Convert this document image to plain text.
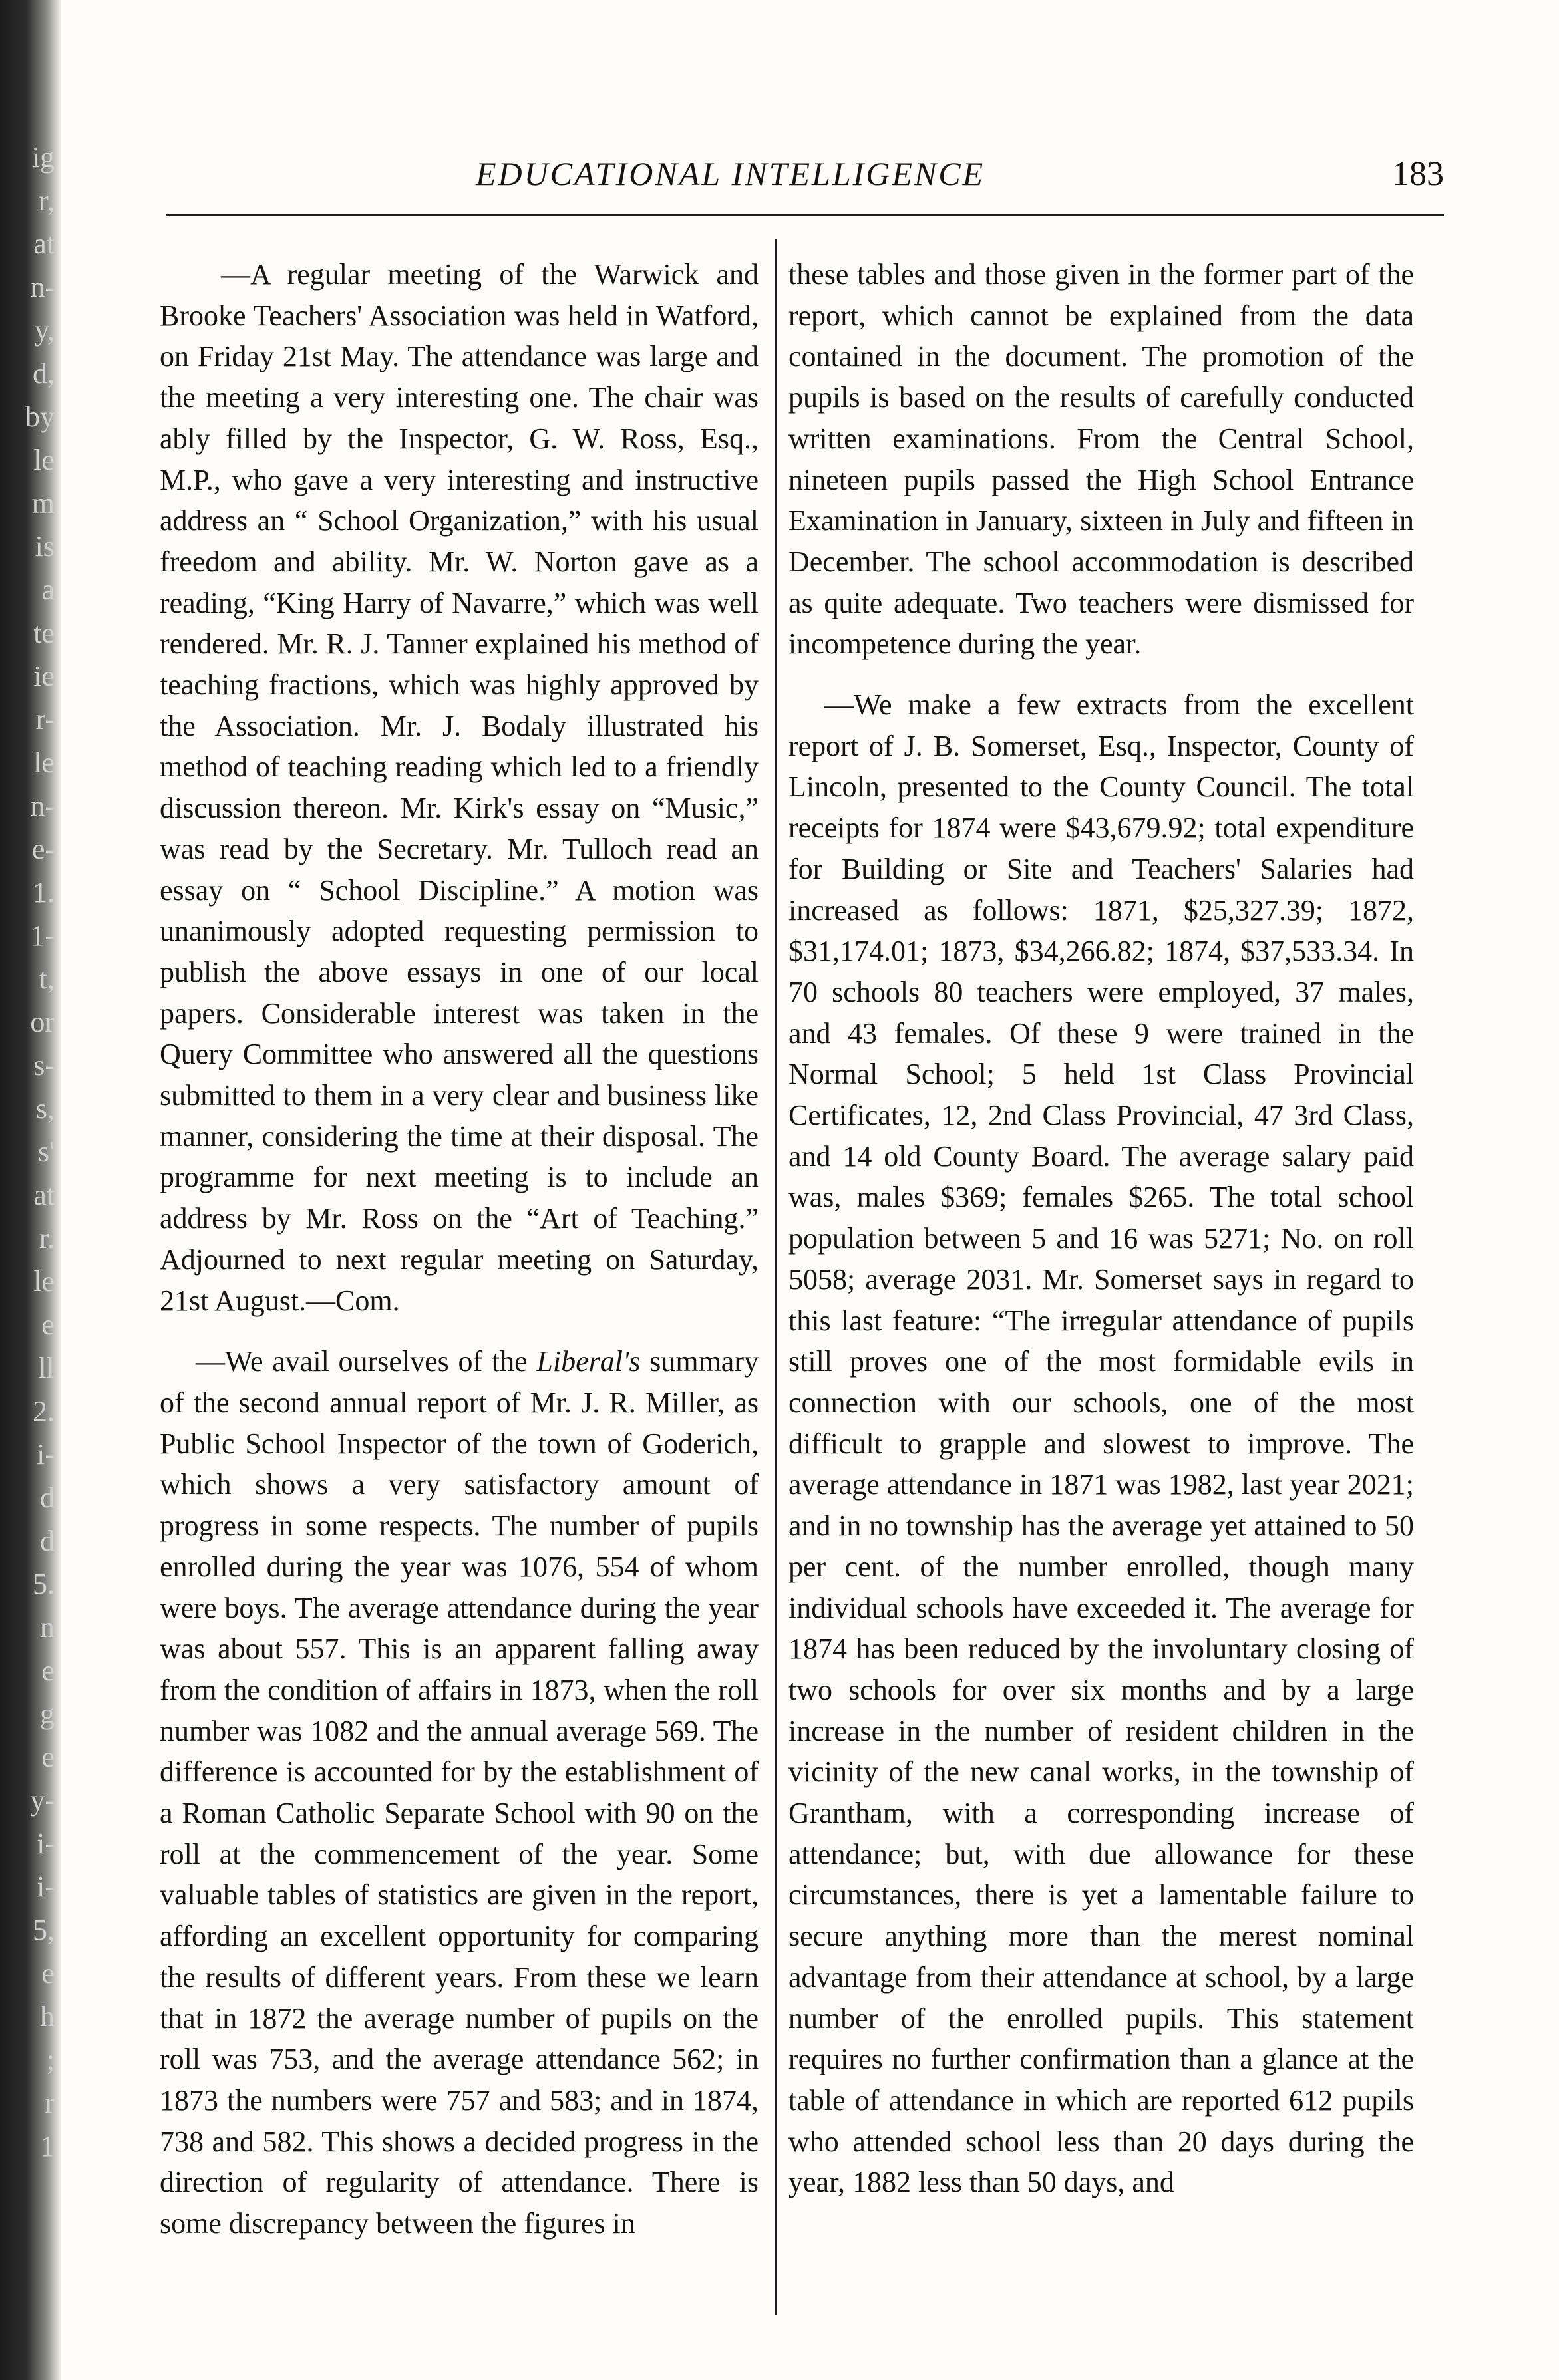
ig
r,
at
n-
y,
d,
by
le
m
is
a
te
ie
r-
le
n-
e-
1.
1-
t,
or
s-
s,
s'
at
r.
le
e
ll
2.
i-
d
d
5.
n
e
g
e
y-
i-
i-
5,
e
h
;
r
1
EDUCATIONAL INTELLIGENCE	183

—A regular meeting of the Warwick and Brooke Teachers' Association was held in Watford, on Friday 21st May. The attendance was large and the meeting a very interesting one. The chair was ably filled by the Inspector, G. W. Ross, Esq., M.P., who gave a very interesting and instructive address an “ School Organization,” with his usual freedom and ability. Mr. W. Norton gave as a reading, “King Harry of Navarre,” which was well rendered. Mr. R. J. Tanner explained his method of teaching fractions, which was highly approved by the Association. Mr. J. Bodaly illustrated his method of teaching reading which led to a friendly discussion thereon. Mr. Kirk's essay on “Music,” was read by the Secretary. Mr. Tulloch read an essay on “ School Discipline.” A motion was unanimously adopted requesting permission to publish the above essays in one of our local papers. Considerable interest was taken in the Query Committee who answered all the questions submitted to them in a very clear and business like manner, considering the time at their disposal. The programme for next meeting is to include an address by Mr. Ross on the “Art of Teaching.” Adjourned to next regular meeting on Saturday, 21st August.—Com.

—We avail ourselves of the Liberal's summary of the second annual report of Mr. J. R. Miller, as Public School Inspector of the town of Goderich, which shows a very satisfactory amount of progress in some respects. The number of pupils enrolled during the year was 1076, 554 of whom were boys. The average attendance during the year was about 557. This is an apparent falling away from the condition of affairs in 1873, when the roll number was 1082 and the annual average 569. The difference is accounted for by the establishment of a Roman Catholic Separate School with 90 on the roll at the commencement of the year. Some valuable tables of statistics are given in the report, affording an excellent opportunity for comparing the results of different years. From these we learn that in 1872 the average number of pupils on the roll was 753, and the average attendance 562; in 1873 the numbers were 757 and 583; and in 1874, 738 and 582. This shows a decided progress in the direction of regularity of attendance. There is some discrepancy between the figures in

these tables and those given in the former part of the report, which cannot be explained from the data contained in the document. The promotion of the pupils is based on the results of carefully conducted written examinations. From the Central School, nineteen pupils passed the High School Entrance Examination in January, sixteen in July and fifteen in December. The school accommodation is described as quite adequate. Two teachers were dismissed for incompetence during the year.

—We make a few extracts from the excellent report of J. B. Somerset, Esq., Inspector, County of Lincoln, presented to the County Council. The total receipts for 1874 were $43,679.92; total expenditure for Building or Site and Teachers' Salaries had increased as follows: 1871, $25,327.39; 1872, $31,174.01; 1873, $34,266.82; 1874, $37,533.34. In 70 schools 80 teachers were employed, 37 males, and 43 females. Of these 9 were trained in the Normal School; 5 held 1st Class Provincial Certificates, 12, 2nd Class Provincial, 47 3rd Class, and 14 old County Board. The average salary paid was, males $369; females $265. The total school population between 5 and 16 was 5271; No. on roll 5058; average 2031. Mr. Somerset says in regard to this last feature: “The irregular attendance of pupils still proves one of the most formidable evils in connection with our schools, one of the most difficult to grapple and slowest to improve. The average attendance in 1871 was 1982, last year 2021; and in no township has the average yet attained to 50 per cent. of the number enrolled, though many individual schools have exceeded it. The average for 1874 has been reduced by the involuntary closing of two schools for over six months and by a large increase in the number of resident children in the vicinity of the new canal works, in the township of Grantham, with a corresponding increase of attendance; but, with due allowance for these circumstances, there is yet a lamentable failure to secure anything more than the merest nominal advantage from their attendance at school, by a large number of the enrolled pupils. This statement requires no further confirmation than a glance at the table of attendance in which are reported 612 pupils who attended school less than 20 days during the year, 1882 less than 50 days, and
